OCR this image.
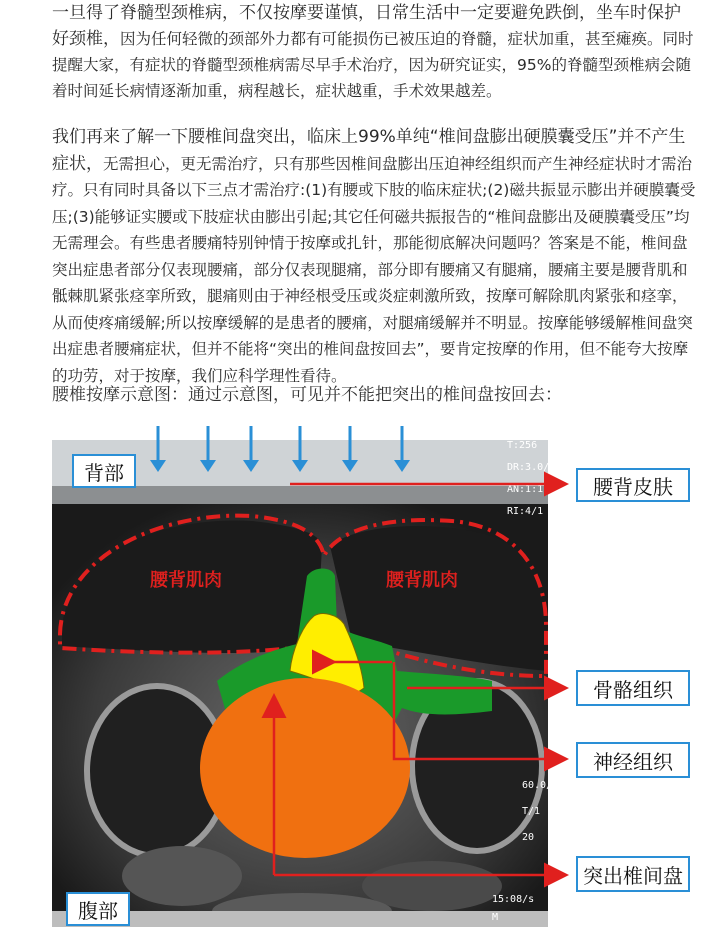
一旦得了脊髓型颈椎病，不仅按摩要谨慎，日常生活中一定要避免跌倒，坐车时保护好颈椎，因为任何轻微的颈部外力都有可能损伤已被压迫的脊髓，症状加重，甚至瘫痪。同时提醒大家，有症状的脊髓型颈椎病需尽早手术治疗，因为研究证实，95%的脊髓型颈椎病会随着时间延长病情逐渐加重，病程越长，症状越重，手术效果越差。

我们再来了解一下腰椎间盘突出，临床上99%单纯“椎间盘膨出硬膜囊受压”并不产生症状，无需担心，更无需治疗，只有那些因椎间盘膨出压迫神经组织而产生神经症状时才需治疗。只有同时具备以下三点才需治疗:(1)有腰或下肢的临床症状;(2)磁共振显示膨出并硬膜囊受压;(3)能够证实腰或下肢症状由膨出引起;其它任何磁共振报告的“椎间盘膨出及硬膜囊受压”均无需理会。有些患者腰痛特别钟情于按摩或扎针，那能彻底解决问题吗？答案是不能，椎间盘突出症患者部分仅表现腰痛，部分仅表现腿痛，部分即有腰痛又有腿痛，腰痛主要是腰背肌和骶棘肌紧张痉挛所致，腿痛则由于神经根受压或炎症刺激所致，按摩可解除肌肉紧张和痉挛，从而使疼痛缓解;所以按摩缓解的是患者的腰痛，对腿痛缓解并不明显。按摩能够缓解椎间盘突出症患者腰痛症状，但并不能将“突出的椎间盘按回去”，要肯定按摩的作用，但不能夸大按摩的功劳，对于按摩，我们应科学理性看待。

腰椎按摩示意图：通过示意图，可见并不能把突出的椎间盘按回去：

T:256
DR:3.0/6
AN:1:1
RI:4/1
60.0/06
T/1
20
15:08/s
M
背部
腹部
腰背肌肉	腰背肌肉
腰背皮肤
骨骼组织
神经组织
突出椎间盘
